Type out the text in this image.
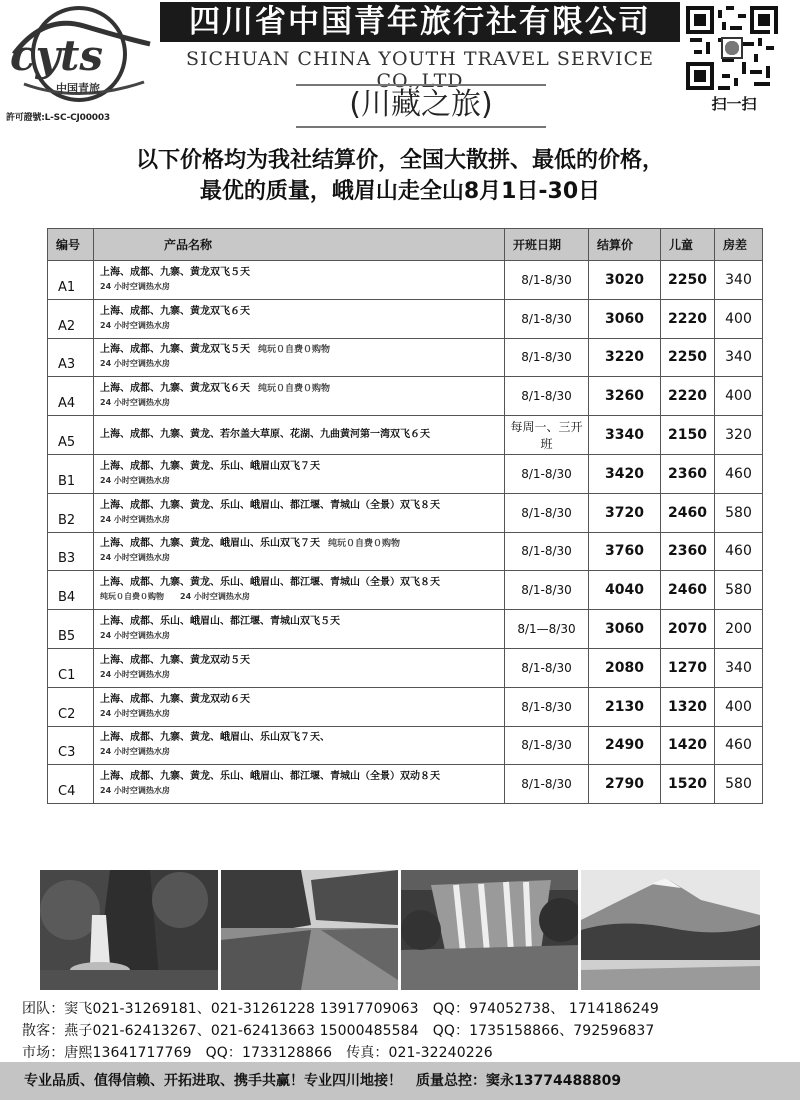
cyts
中国青旅
許可證號:L-SC-CJ00003
四川省中国青年旅行社有限公司
SICHUAN CHINA YOUTH TRAVEL SERVICE CO.,LTD
(川藏之旅)	扫一扫
以下价格均为我社结算价，全国大散拼、最低的价格，
最优的质量，峨眉山走全山8月1日-30日
编号	产品名称	开班日期	结算价	儿童	房差
A1	上海、成都、九寨、黄龙双飞５天
24 小时空调热水房	8/1-8/30	3020	2250	340
A2	上海、成都、九寨、黄龙双飞６天
24 小时空调热水房	8/1-8/30	3060	2220	400
A3	上海、成都、九寨、黄龙双飞５天 纯玩０自费０购物
24 小时空调热水房	8/1-8/30	3220	2250	340
A4	上海、成都、九寨、黄龙双飞６天 纯玩０自费０购物
24 小时空调热水房	8/1-8/30	3260	2220	400
A5	上海、成都、九寨、黄龙、若尔盖大草原、花湖、九曲黄河第一湾双飞６天	每周一、三开班	3340	2150	320
B1	上海、成都、九寨、黄龙、乐山、峨眉山双飞７天
24 小时空调热水房	8/1-8/30	3420	2360	460
B2	上海、成都、九寨、黄龙、乐山、峨眉山、都江堰、青城山（全景）双飞８天
24 小时空调热水房	8/1-8/30	3720	2460	580
B3	上海、成都、九寨、黄龙、峨眉山、乐山双飞７天 纯玩０自费０购物
24 小时空调热水房	8/1-8/30	3760	2360	460
B4	上海、成都、九寨、黄龙、乐山、峨眉山、都江堰、青城山（全景）双飞８天
纯玩０自费０购物　　24 小时空调热水房	8/1-8/30	4040	2460	580
B5	上海、成都、乐山、峨眉山、都江堰、青城山双飞５天
24 小时空调热水房	8/1—8/30	3060	2070	200
C1	上海、成都、九寨、黄龙双动５天
24 小时空调热水房	8/1-8/30	2080	1270	340
C2	上海、成都、九寨、黄龙双动６天
24 小时空调热水房	8/1-8/30	2130	1320	400
C3	上海、成都、九寨、黄龙、峨眉山、乐山双飞７天、
24 小时空调热水房	8/1-8/30	2490	1420	460
C4	上海、成都、九寨、黄龙、乐山、峨眉山、都江堰、青城山（全景）双动８天
24 小时空调热水房	8/1-8/30	2790	1520	580
团队：窦飞021-31269181、021-31261228 13917709063　QQ：974052738、 1714186249
散客：燕子021-62413267、021-62413663 15000485584　QQ：1735158866、792596837
市场：唐熙13641717769　QQ：1733128866　传真：021-32240226
专业品质、值得信赖、开拓进取、携手共赢！专业四川地接！　质量总控：窦永13774488809
